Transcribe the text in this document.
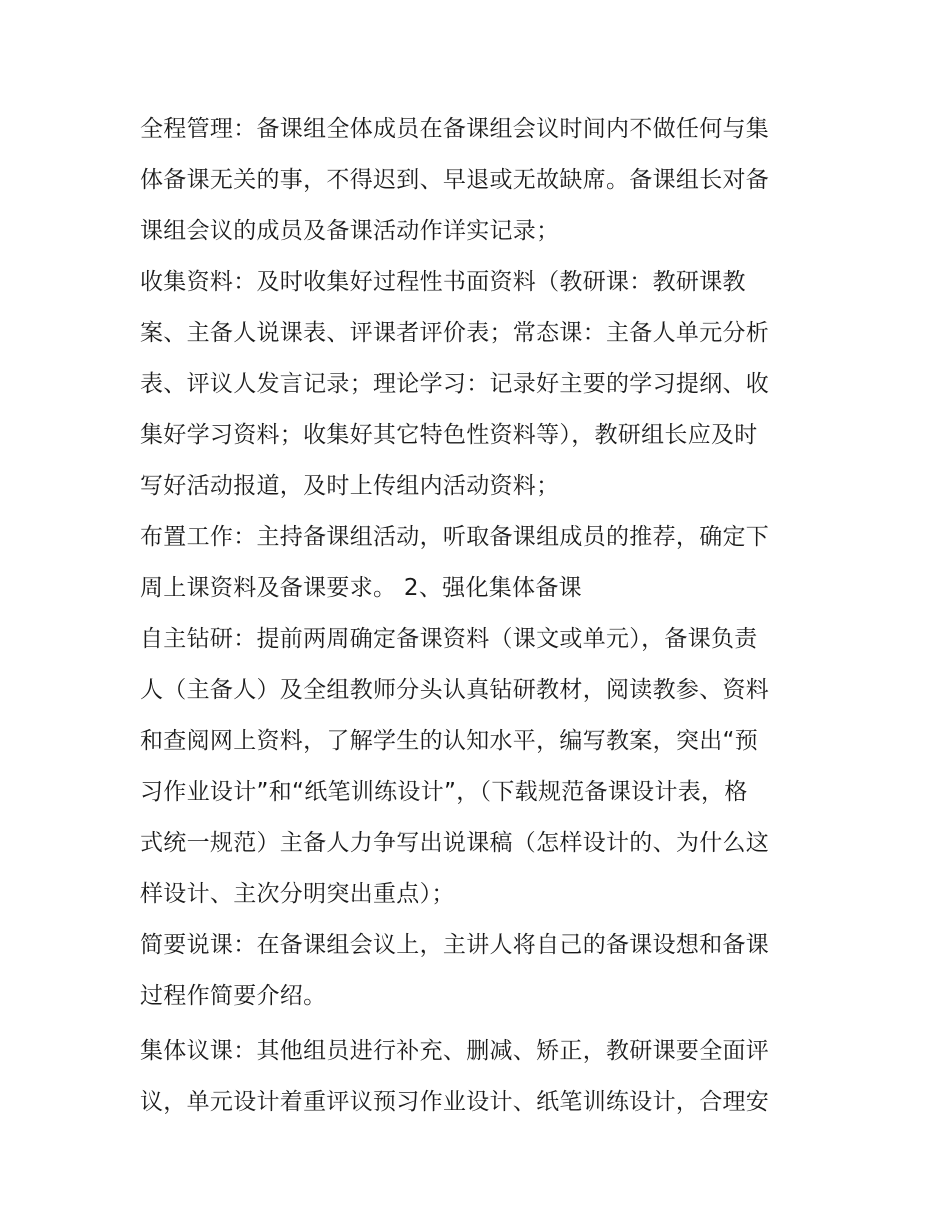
全程管理：备课组全体成员在备课组会议时间内不做任何与集
体备课无关的事，不得迟到、早退或无故缺席。备课组长对备
课组会议的成员及备课活动作详实记录；
收集资料：及时收集好过程性书面资料（教研课：教研课教
案、主备人说课表、评课者评价表；常态课：主备人单元分析
表、评议人发言记录；理论学习：记录好主要的学习提纲、收
集好学习资料；收集好其它特色性资料等），教研组长应及时
写好活动报道，及时上传组内活动资料；
布置工作：主持备课组活动，听取备课组成员的推荐，确定下
周上课资料及备课要求。 2、强化集体备课
自主钻研：提前两周确定备课资料（课文或单元），备课负责
人（主备人）及全组教师分头认真钻研教材，阅读教参、资料
和查阅网上资料，了解学生的认知水平，编写教案，突出“预
习作业设计”和“纸笔训练设计”，（下载规范备课设计表，格
式统一规范）主备人力争写出说课稿（怎样设计的、为什么这
样设计、主次分明突出重点）；
简要说课：在备课组会议上，主讲人将自己的备课设想和备课
过程作简要介绍。
集体议课：其他组员进行补充、删减、矫正，教研课要全面评
议，单元设计着重评议预习作业设计、纸笔训练设计，合理安
